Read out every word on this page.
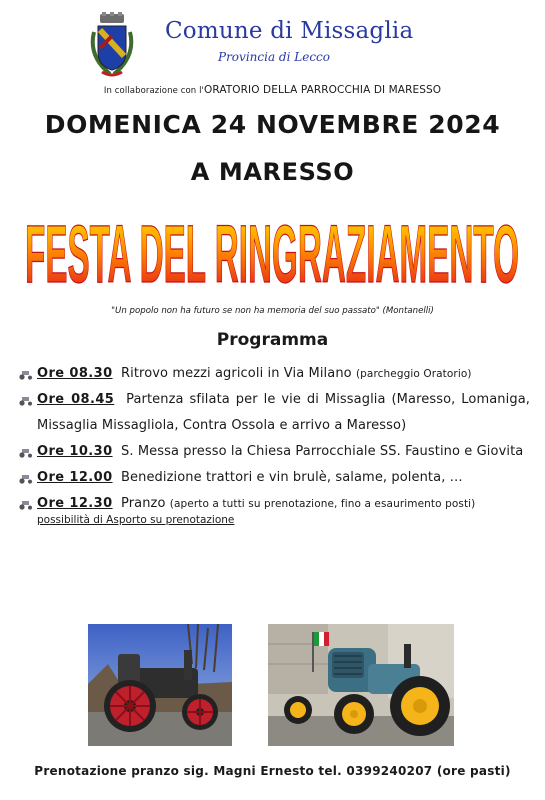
Comune di Missaglia
Provincia di Lecco
In collaborazione con l'ORATORIO DELLA PARROCCHIA DI MARESSO
DOMENICA 24 NOVEMBRE 2024
A MARESSO
FESTA DEL RINGRAZIAMENTO
"Un popolo non ha futuro se non ha memoria del suo passato" (Montanelli)
Programma
Ore 08.30 Ritrovo mezzi agricoli in Via Milano (parcheggio Oratorio)
Ore 08.45 Partenza sfilata per le vie di Missaglia (Maresso, Lomaniga, Missaglia Missagliola, Contra Ossola e arrivo a Maresso)
Ore 10.30 S. Messa presso la Chiesa Parrocchiale SS. Faustino e Giovita
Ore 12.00 Benedizione trattori e vin brulè, salame, polenta, …
Ore 12.30 Pranzo (aperto a tutti su prenotazione, fino a esaurimento posti)
possibilità di Asporto su prenotazione
Prenotazione pranzo sig. Magni Ernesto tel. 0399240207 (ore pasti)
